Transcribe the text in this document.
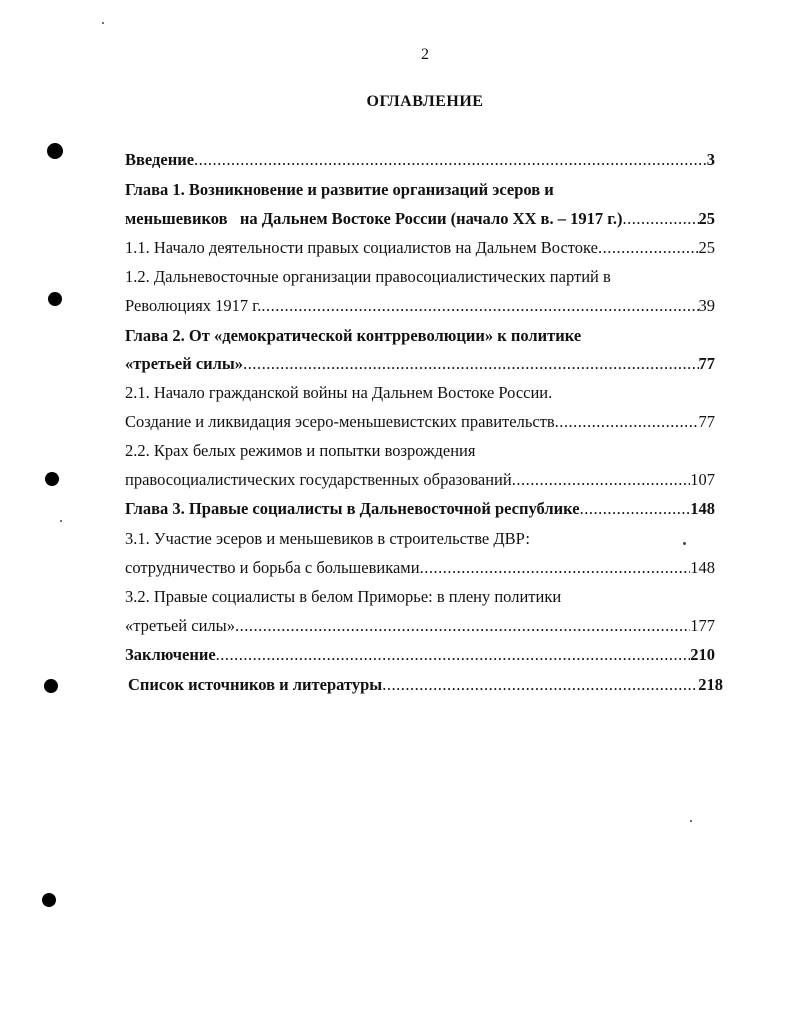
2
ОГЛАВЛЕНИЕ
Введение .....	3
Глава 1. Возникновение и развитие организаций эсеров и
меньшевиков   на Дальнем Востоке России (начало XX в. – 1917 г.) .....	25
1.1. Начало деятельности правых социалистов на Дальнем Востоке .....	25
1.2. Дальневосточные организации правосоциалистических партий в
Революциях 1917 г. .....	39
Глава 2. От «демократической контрреволюции» к политике
«третьей силы» .....	77
2.1. Начало гражданской войны на Дальнем Востоке России.
Создание и ликвидация эсеро-меньшевистских правительств .....	77
2.2. Крах белых режимов и попытки возрождения
правосоциалистических государственных образований .....	107
Глава 3. Правые социалисты в Дальневосточной республике .....	148
3.1. Участие эсеров и меньшевиков в строительстве ДВР:
сотрудничество и борьба с большевиками .....	148
3.2. Правые социалисты в белом Приморье: в плену политики
«третьей силы» .....	177
Заключение .....	210
Список источников и литературы .....	218
